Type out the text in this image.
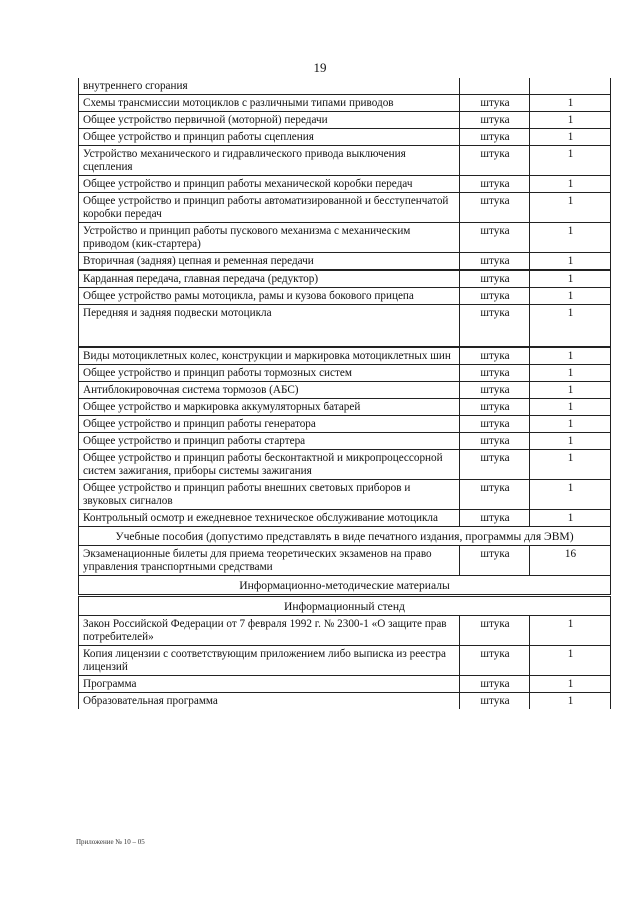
19
внутреннего сгорания		
Схемы трансмиссии мотоциклов с различными типами приводов	штука	1
Общее устройство первичной (моторной) передачи	штука	1
Общее устройство и принцип работы сцепления	штука	1
Устройство механического и гидравлического привода выключения сцепления	штука	1
Общее устройство и принцип работы механической коробки передач	штука	1
Общее устройство и принцип работы автоматизированной и бесступенчатой коробки передач	штука	1
Устройство и принцип работы пускового механизма с механическим приводом (кик-стартера)	штука	1
Вторичная (задняя) цепная и ременная передачи	штука	1
Карданная передача, главная передача (редуктор)	штука	1
Общее устройство рамы мотоцикла, рамы и кузова бокового прицепа	штука	1
Передняя и задняя подвески мотоцикла	штука	1

Виды мотоциклетных колес, конструкции и маркировка мотоциклетных шин	штука	1
Общее устройство и принцип работы тормозных систем	штука	1
Антиблокировочная система тормозов (АБС)	штука	1
Общее устройство и маркировка аккумуляторных батарей	штука	1
Общее устройство и принцип работы генератора	штука	1
Общее устройство и принцип работы стартера	штука	1
Общее устройство и принцип работы бесконтактной и микропроцессорной систем зажигания, приборы системы зажигания	штука	1
Общее устройство и принцип работы внешних световых приборов и звуковых сигналов	штука	1
Контрольный осмотр и ежедневное техническое обслуживание мотоцикла	штука	1
Учебные пособия (допустимо представлять в виде печатного издания, программы для ЭВМ)		
Экзаменационные билеты для приема теоретических экзаменов на право управления транспортными средствами	штука	16
Информационно-методические материалы		
Информационный стенд		
Закон Российской Федерации от 7 февраля 1992 г. № 2300-1 «О защите прав потребителей»	штука	1
Копия лицензии с соответствующим приложением либо выписка из реестра лицензий	штука	1
Программа	штука	1
Образовательная программа	штука	1
Приложение № 10 – 05
